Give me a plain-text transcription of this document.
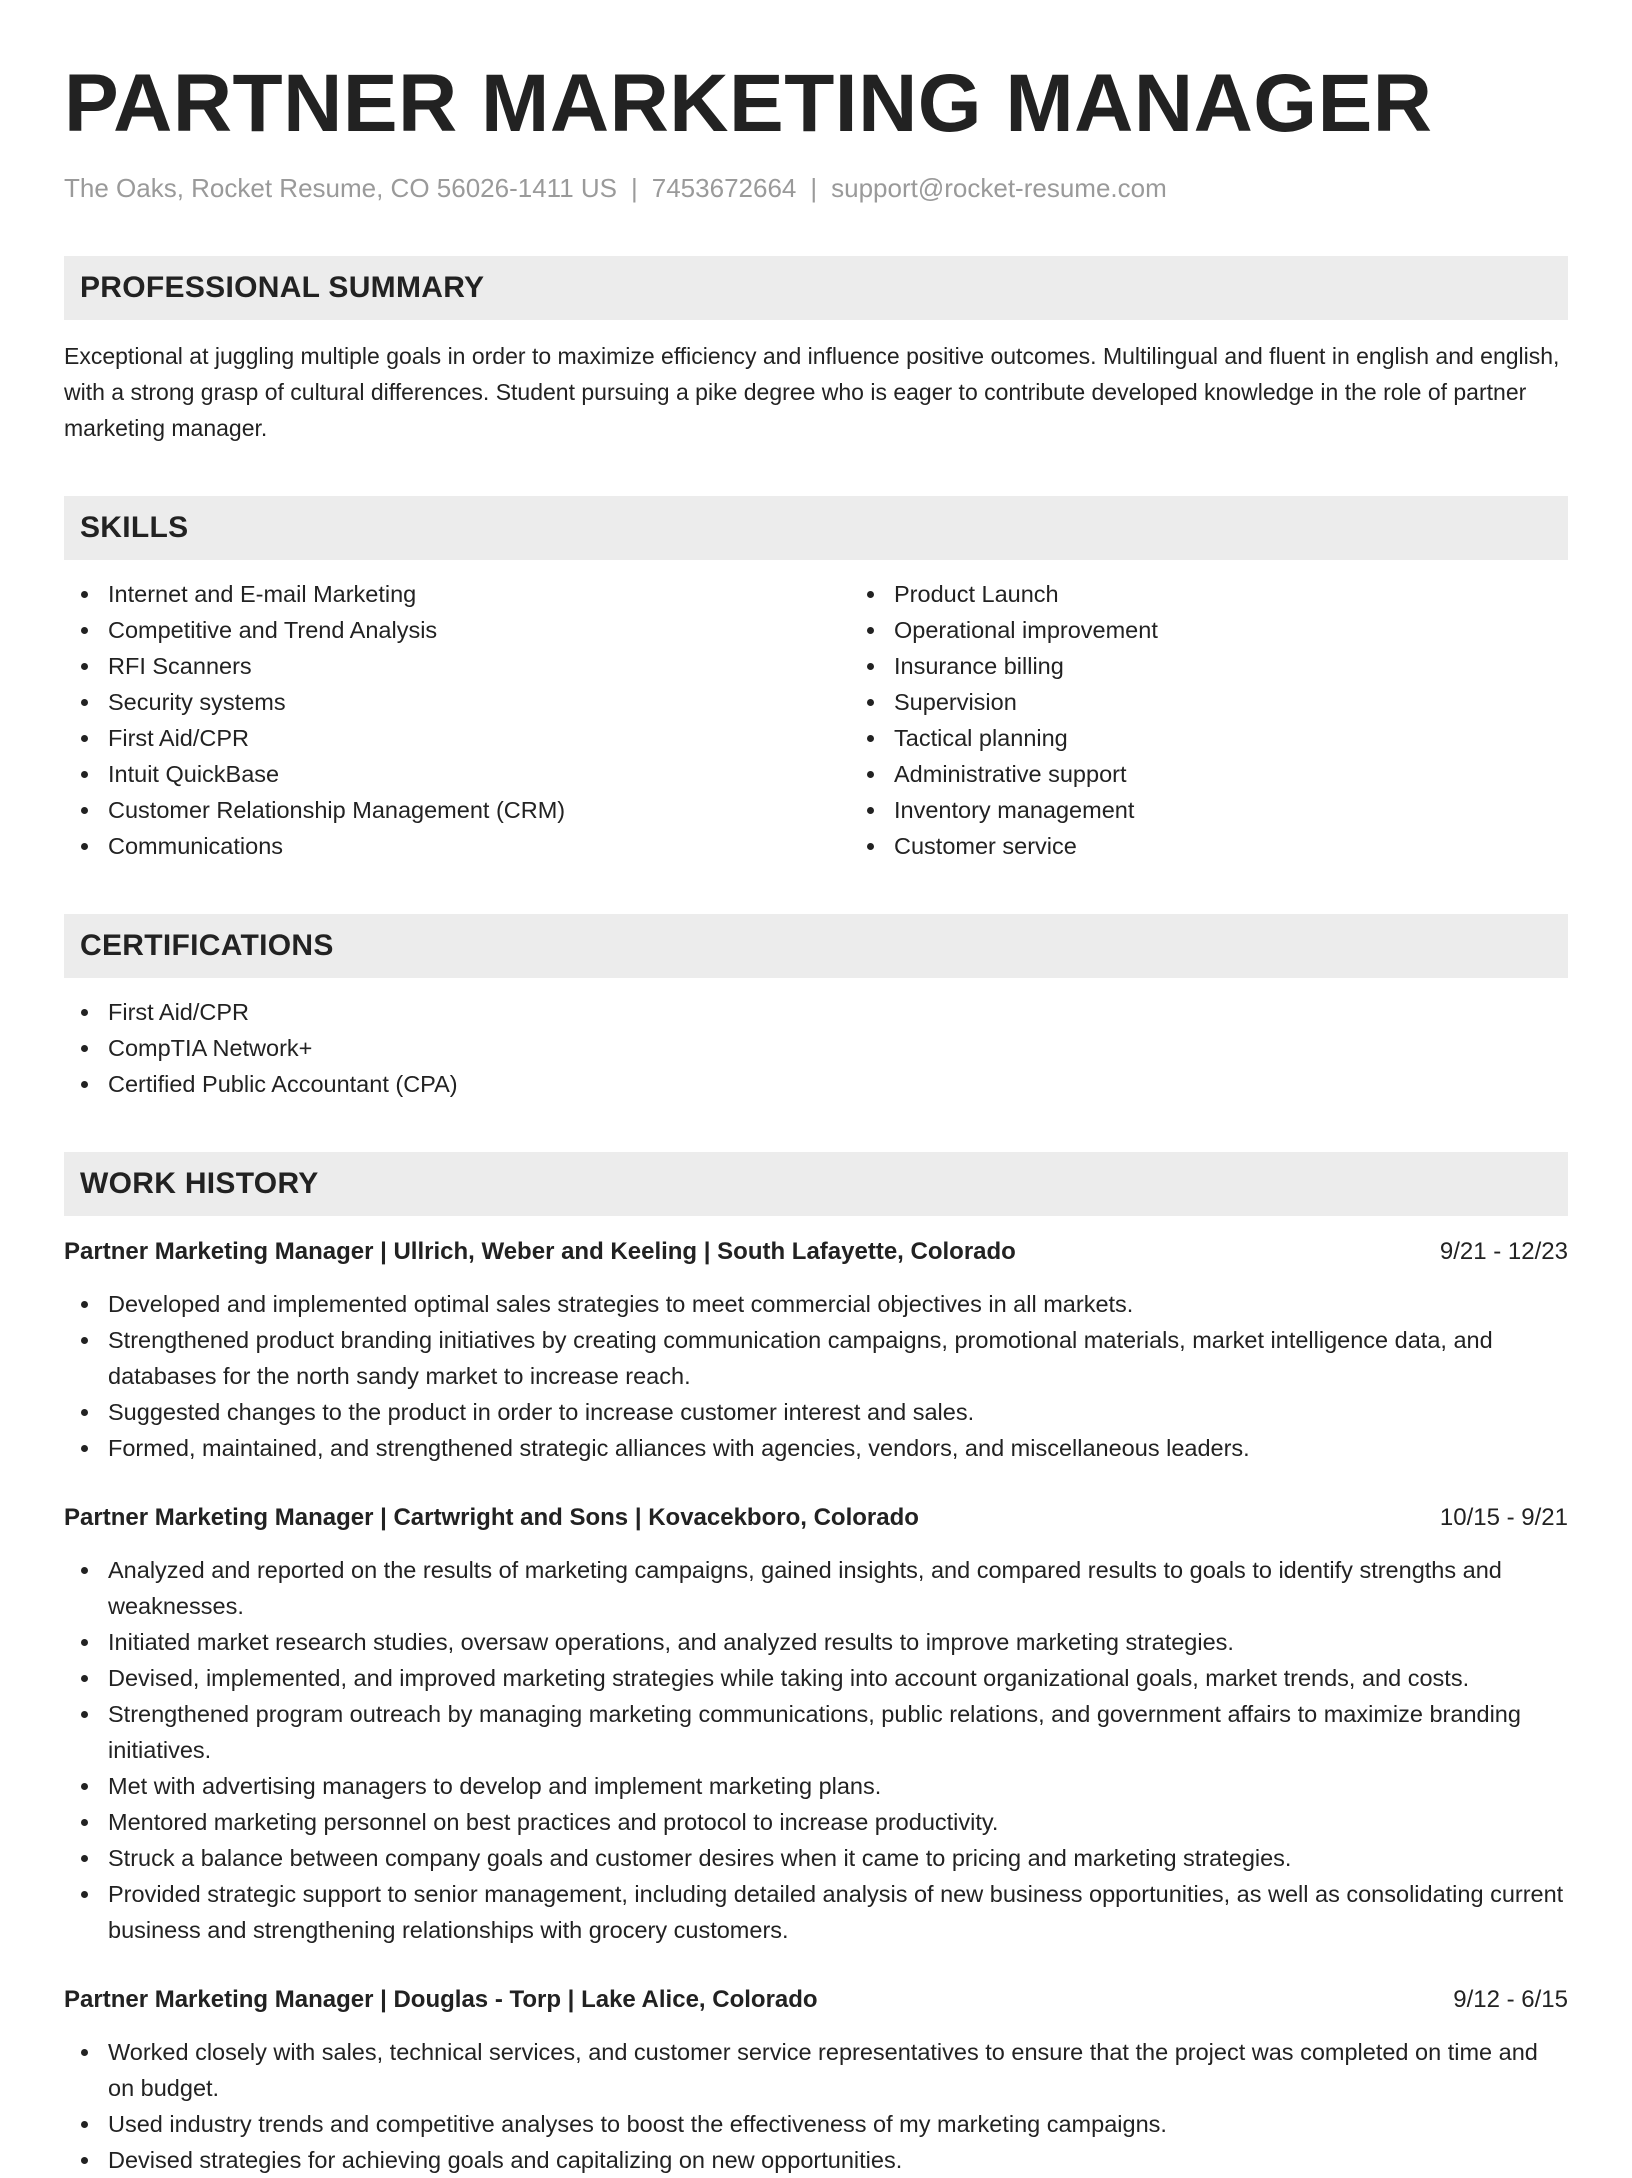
PARTNER MARKETING MANAGER
The Oaks, Rocket Resume, CO 56026-1411 US | 7453672664 | support@rocket-resume.com
PROFESSIONAL SUMMARY

Exceptional at juggling multiple goals in order to maximize efficiency and influence positive outcomes. Multilingual and fluent in english and english, with a strong grasp of cultural differences. Student pursuing a pike degree who is eager to contribute developed knowledge in the role of partner marketing manager.

SKILLS
Internet and E-mail Marketing
Competitive and Trend Analysis
RFI Scanners
Security systems
First Aid/CPR
Intuit QuickBase
Customer Relationship Management (CRM)
Communications
Product Launch
Operational improvement
Insurance billing
Supervision
Tactical planning
Administrative support
Inventory management
Customer service
CERTIFICATIONS
First Aid/CPR
CompTIA Network+
Certified Public Accountant (CPA)
WORK HISTORY
Partner Marketing Manager | Ullrich, Weber and Keeling | South Lafayette, Colorado	9/21 - 12/23
Developed and implemented optimal sales strategies to meet commercial objectives in all markets.
Strengthened product branding initiatives by creating communication campaigns, promotional materials, market intelligence data, and databases for the north sandy market to increase reach.
Suggested changes to the product in order to increase customer interest and sales.
Formed, maintained, and strengthened strategic alliances with agencies, vendors, and miscellaneous leaders.
Partner Marketing Manager | Cartwright and Sons | Kovacekboro, Colorado	10/15 - 9/21
Analyzed and reported on the results of marketing campaigns, gained insights, and compared results to goals to identify strengths and weaknesses.
Initiated market research studies, oversaw operations, and analyzed results to improve marketing strategies.
Devised, implemented, and improved marketing strategies while taking into account organizational goals, market trends, and costs.
Strengthened program outreach by managing marketing communications, public relations, and government affairs to maximize branding initiatives.
Met with advertising managers to develop and implement marketing plans.
Mentored marketing personnel on best practices and protocol to increase productivity.
Struck a balance between company goals and customer desires when it came to pricing and marketing strategies.
Provided strategic support to senior management, including detailed analysis of new business opportunities, as well as consolidating current business and strengthening relationships with grocery customers.
Partner Marketing Manager | Douglas - Torp | Lake Alice, Colorado	9/12 - 6/15
Worked closely with sales, technical services, and customer service representatives to ensure that the project was completed on time and on budget.
Used industry trends and competitive analyses to boost the effectiveness of my marketing campaigns.
Devised strategies for achieving goals and capitalizing on new opportunities.
